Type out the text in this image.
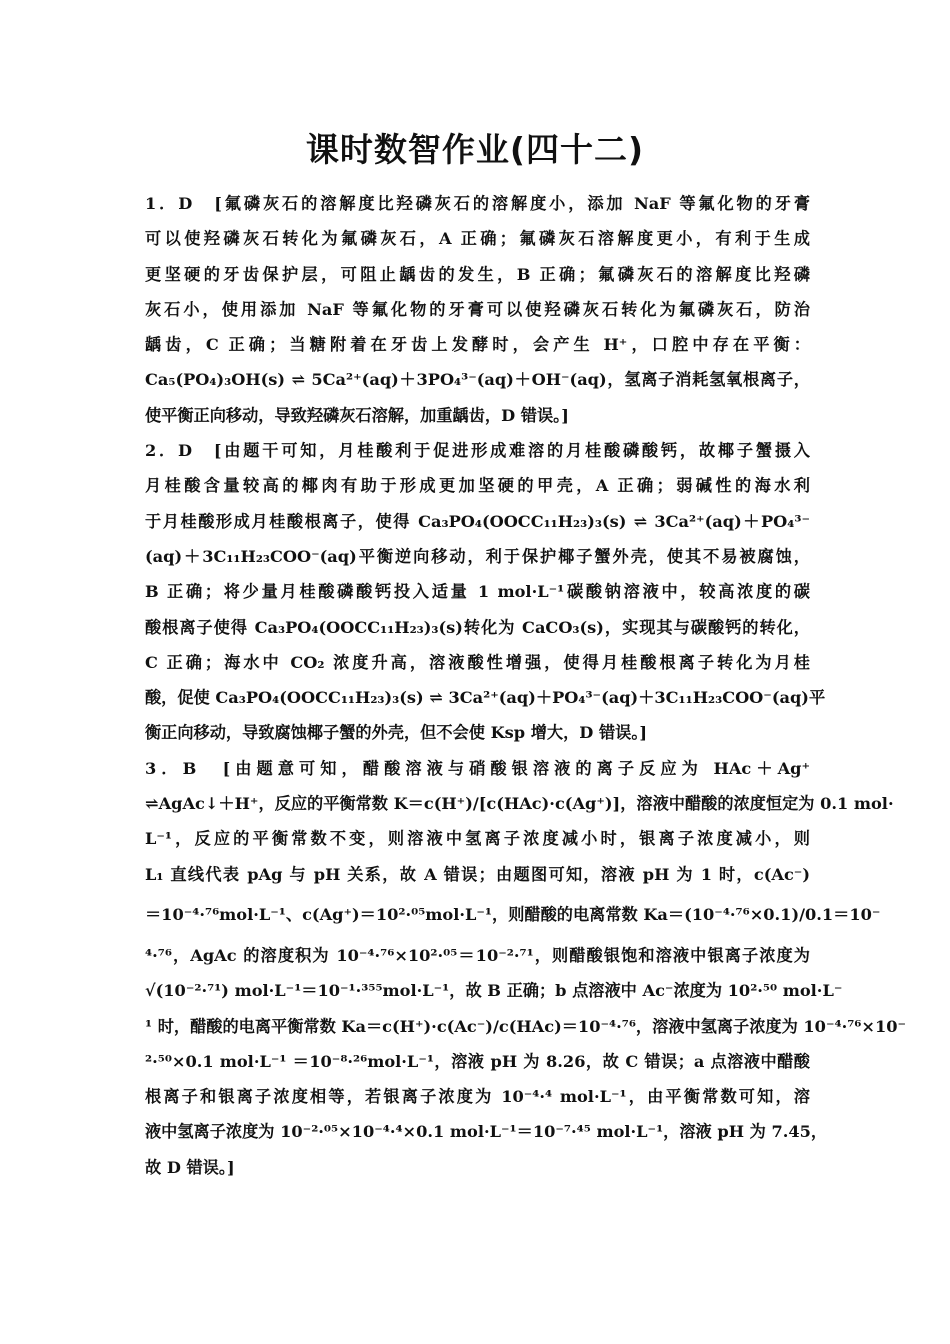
课时数智作业(四十二)
1．D　[氟磷灰石的溶解度比羟磷灰石的溶解度小，添加 NaF 等氟化物的牙膏
可以使羟磷灰石转化为氟磷灰石，A 正确；氟磷灰石溶解度更小，有利于生成
更坚硬的牙齿保护层，可阻止龋齿的发生，B 正确；氟磷灰石的溶解度比羟磷
灰石小，使用添加 NaF 等氟化物的牙膏可以使羟磷灰石转化为氟磷灰石，防治
龋齿，C 正确；当糖附着在牙齿上发酵时，会产生 H⁺，口腔中存在平衡：
Ca₅(PO₄)₃OH(s) ⇌ 5Ca²⁺(aq)＋3PO₄³⁻(aq)＋OH⁻(aq)，氢离子消耗氢氧根离子，
使平衡正向移动，导致羟磷灰石溶解，加重龋齿，D 错误。]
2．D　[由题干可知，月桂酸利于促进形成难溶的月桂酸磷酸钙，故椰子蟹摄入
月桂酸含量较高的椰肉有助于形成更加坚硬的甲壳，A 正确；弱碱性的海水利
于月桂酸形成月桂酸根离子，使得 Ca₃PO₄(OOCC₁₁H₂₃)₃(s) ⇌ 3Ca²⁺(aq)＋PO₄³⁻
(aq)＋3C₁₁H₂₃COO⁻(aq)平衡逆向移动，利于保护椰子蟹外壳，使其不易被腐蚀，
B 正确；将少量月桂酸磷酸钙投入适量 1 mol·L⁻¹碳酸钠溶液中，较高浓度的碳
酸根离子使得 Ca₃PO₄(OOCC₁₁H₂₃)₃(s)转化为 CaCO₃(s)，实现其与碳酸钙的转化，
C 正确；海水中 CO₂ 浓度升高，溶液酸性增强，使得月桂酸根离子转化为月桂
酸，促使 Ca₃PO₄(OOCC₁₁H₂₃)₃(s) ⇌ 3Ca²⁺(aq)＋PO₄³⁻(aq)＋3C₁₁H₂₃COO⁻(aq)平
衡正向移动，导致腐蚀椰子蟹的外壳，但不会使 Ksp 增大，D 错误。]
3．B　[由题意可知，醋酸溶液与硝酸银溶液的离子反应为 HAc＋Ag⁺
⇌AgAc↓＋H⁺，反应的平衡常数 K＝c(H⁺)/[c(HAc)·c(Ag⁺)]，溶液中醋酸的浓度恒定为 0.1 mol·
L⁻¹，反应的平衡常数不变，则溶液中氢离子浓度减小时，银离子浓度减小，则
L₁ 直线代表 pAg 与 pH 关系，故 A 错误；由题图可知，溶液 pH 为 1 时，c(Ac⁻)
＝10⁻⁴·⁷⁶mol·L⁻¹、c(Ag⁺)＝10²·⁰⁵mol·L⁻¹，则醋酸的电离常数 Ka＝(10⁻⁴·⁷⁶×0.1)/0.1＝10⁻
⁴·⁷⁶，AgAc 的溶度积为 10⁻⁴·⁷⁶×10²·⁰⁵＝10⁻²·⁷¹，则醋酸银饱和溶液中银离子浓度为
√(10⁻²·⁷¹) mol·L⁻¹＝10⁻¹·³⁵⁵mol·L⁻¹，故 B 正确；b 点溶液中 Ac⁻浓度为 10²·⁵⁰ mol·L⁻
¹ 时，醋酸的电离平衡常数 Ka＝c(H⁺)·c(Ac⁻)/c(HAc)＝10⁻⁴·⁷⁶，溶液中氢离子浓度为 10⁻⁴·⁷⁶×10⁻
²·⁵⁰×0.1 mol·L⁻¹ ＝10⁻⁸·²⁶mol·L⁻¹，溶液 pH 为 8.26，故 C 错误；a 点溶液中醋酸
根离子和银离子浓度相等，若银离子浓度为 10⁻⁴·⁴ mol·L⁻¹，由平衡常数可知，溶
液中氢离子浓度为 10⁻²·⁰⁵×10⁻⁴·⁴×0.1 mol·L⁻¹＝10⁻⁷·⁴⁵ mol·L⁻¹，溶液 pH 为 7.45，
故 D 错误。]
